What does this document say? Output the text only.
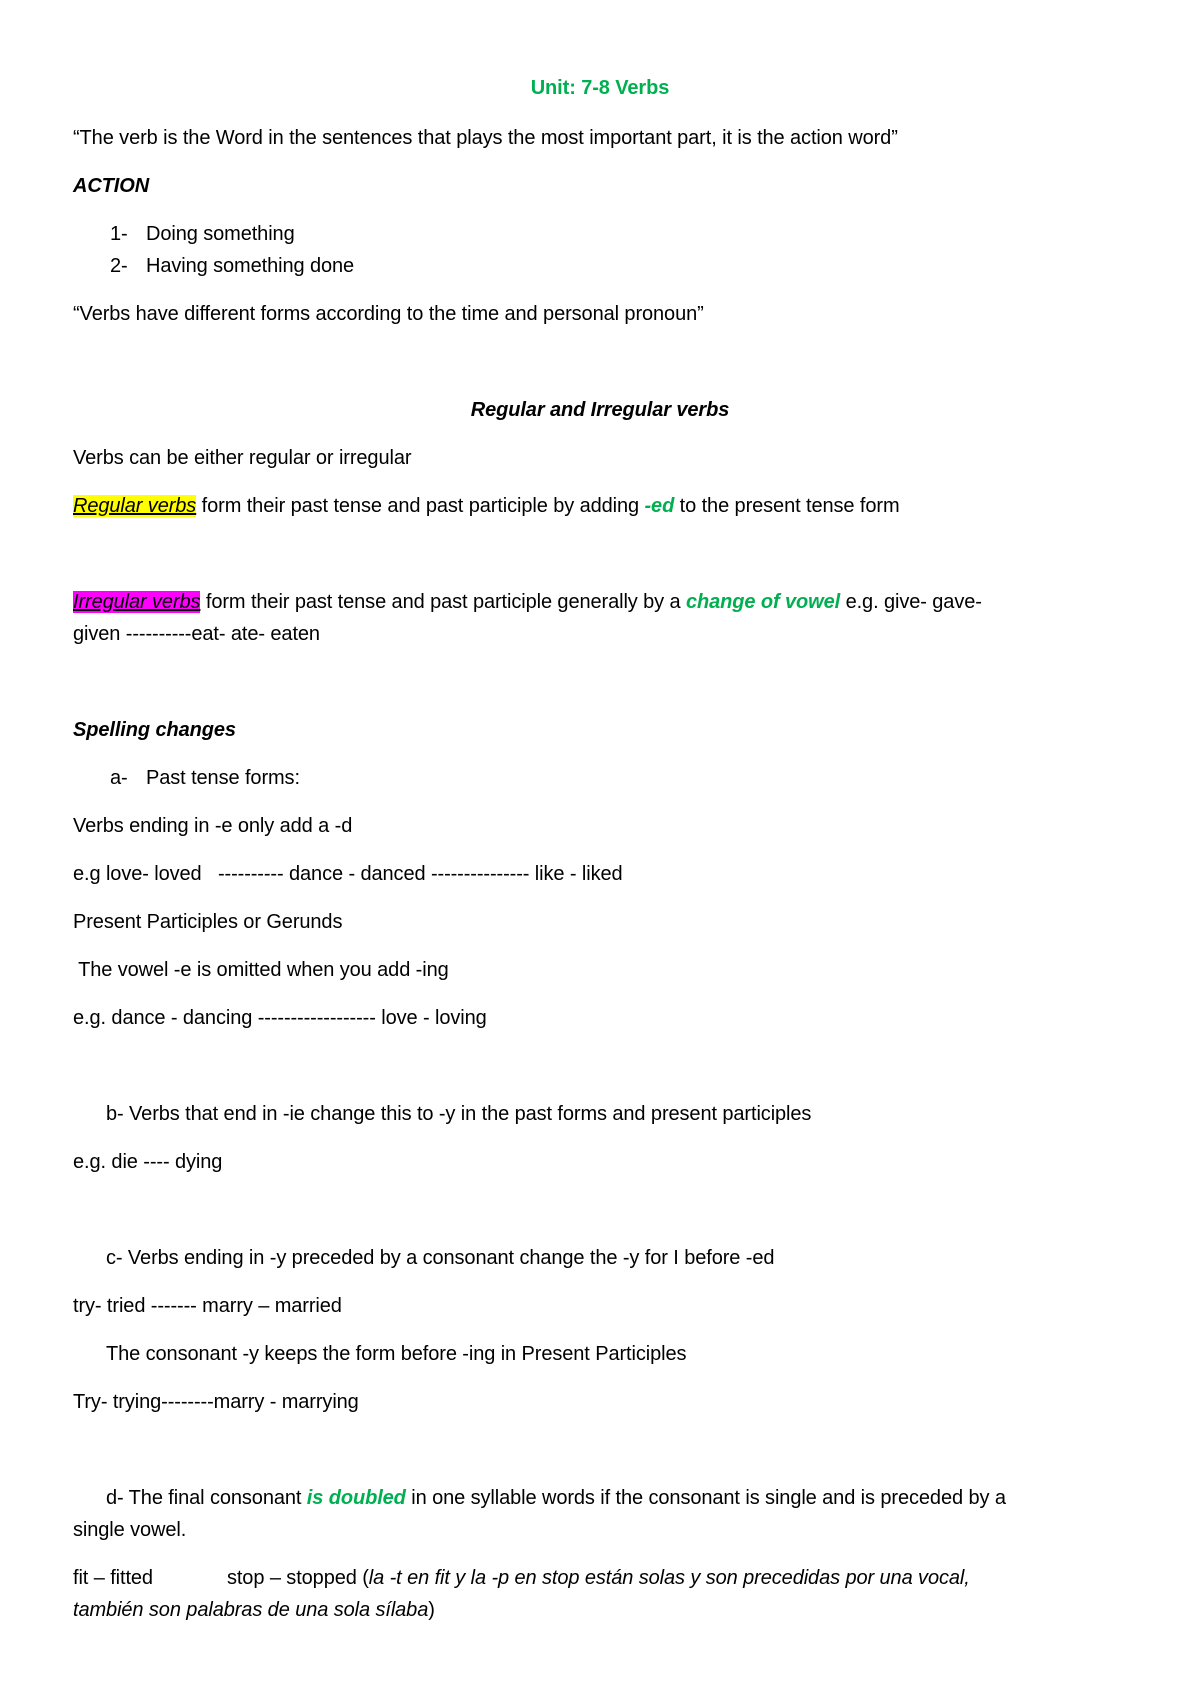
Unit: 7-8 Verbs
“The verb is the Word in the sentences that plays the most important part, it is the action word”
ACTION
1- Doing something
2- Having something done
“Verbs have different forms according to the time and personal pronoun”
Regular and Irregular verbs
Verbs can be either regular or irregular
Regular verbs form their past tense and past participle by adding -ed to the present tense form
Irregular verbs form their past tense and past participle generally by a change of vowel e.g. give- gave-
given ----------eat- ate- eaten
Spelling changes
a- Past tense forms:
Verbs ending in -e only add a -d
e.g love- loved   ---------- dance - danced --------------- like - liked
Present Participles or Gerunds
The vowel -e is omitted when you add -ing
e.g. dance - dancing ------------------ love - loving
b- Verbs that end in -ie change this to -y in the past forms and present participles
e.g. die ---- dying
c- Verbs ending in -y preceded by a consonant change the -y for I before -ed
try- tried ------- marry – married
The consonant -y keeps the form before -ing in Present Participles
Try- trying--------marry - marrying
d- The final consonant is doubled in one syllable words if the consonant is single and is preceded by a
single vowel.
fit – fitted	stop – stopped (la -t en fit y la -p en stop están solas y son precedidas por una vocal,
también son palabras de una sola sílaba)
